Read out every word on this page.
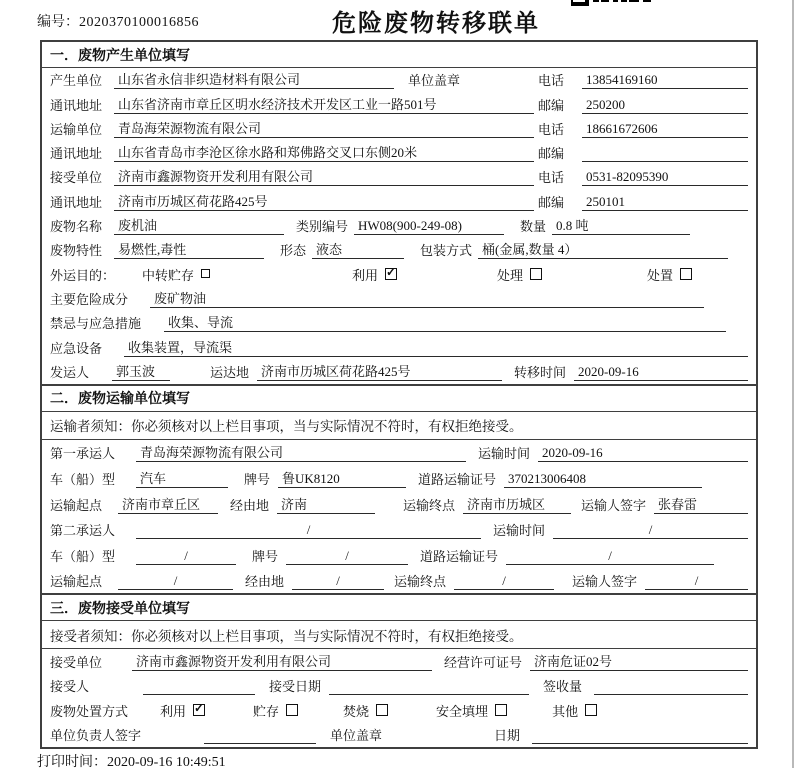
编号：2020370100016856	危险废物转移联单
一．废物产生单位填写
产生单位	山东省永信非织造材料有限公司	单位盖章	电话	13854169160
通讯地址	山东省济南市章丘区明水经济技术开发区工业一路501号	邮编	250200
运输单位	青岛海荣源物流有限公司	电话	18661672606
通讯地址	山东省青岛市李沧区徐水路和郑佛路交叉口东侧20米	邮编
接受单位	济南市鑫源物资开发利用有限公司	电话	0531-82095390
通讯地址	济南市历城区荷花路425号	邮编	250101
废物名称	废机油	类别编号 HW08(900-249-08)	数量 0.8 吨
废物特性	易燃性,毒性	形态 液态	包装方式 桶(金属,数量 4）
外运目的：	中转贮存	利用 ✓	处理	处置
主要危险成分	废矿物油
禁忌与应急措施	收集、导流
应急设备	收集装置，导流渠
发运人	郭玉波	运达地 济南市历城区荷花路425号	转移时间 2020-09-16
二．废物运输单位填写
运输者须知：你必须核对以上栏目事项，当与实际情况不符时，有权拒绝接受。
第一承运人	青岛海荣源物流有限公司	运输时间 2020-09-16
车（船）型	汽车	牌号 鲁UK8120	道路运输证号 370213006408
运输起点	济南市章丘区	经由地 济南	运输终点 济南市历城区	运输人签字 张春雷
第二承运人	/	运输时间	/
车（船）型	/	牌号	/	道路运输证号	/
运输起点	/	经由地	/	运输终点	/	运输人签字	/
三．废物接受单位填写
接受者须知：你必须核对以上栏目事项，当与实际情况不符时，有权拒绝接受。
接受单位	济南市鑫源物资开发利用有限公司	经营许可证号 济南危证02号
接受人	接受日期	签收量
废物处置方式	利用 ✓	贮存	焚烧	安全填埋	其他
单位负责人签字	单位盖章	日期
打印时间：2020-09-16 10:49:51
